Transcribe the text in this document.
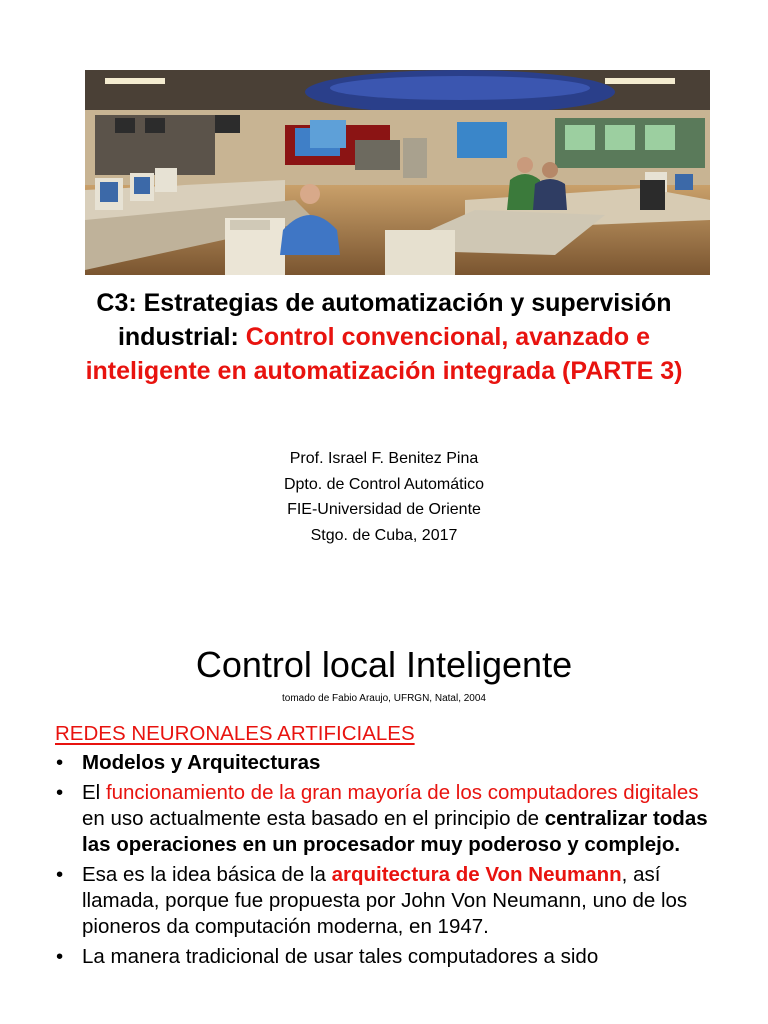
C3: Estrategias de automatización y supervisión industrial: Control convencional, avanzado e inteligente en automatización integrada (PARTE 3)
Prof. Israel F. Benitez Pina
Dpto. de Control Automático
FIE-Universidad de Oriente
Stgo. de Cuba, 2017
Control local Inteligente
tomado de Fabio Araujo, UFRGN, Natal, 2004
REDES NEURONALES ARTIFICIALES
• Modelos y Arquitecturas
• El funcionamiento de la gran mayoría de los computadores digitales en uso actualmente esta basado en el principio de centralizar todas las operaciones en un procesador muy poderoso y complejo.
• Esa es la idea básica de la arquitectura de Von Neumann, así llamada, porque fue propuesta por John Von Neumann, uno de los pioneros da computación moderna, en 1947.
• La manera tradicional de usar tales computadores a sido
